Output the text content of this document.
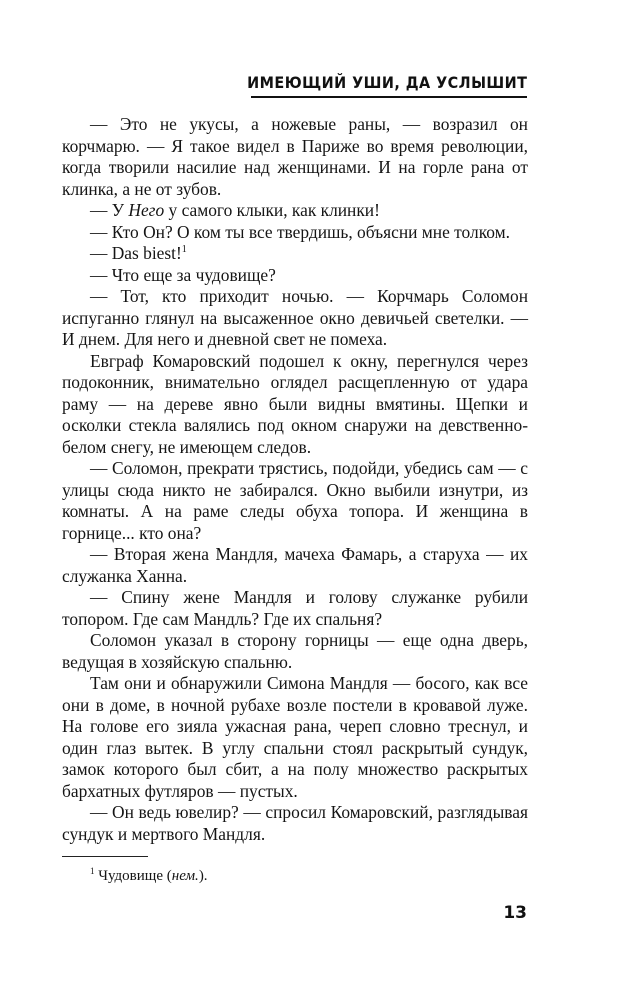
ИМЕЮЩИЙ УШИ, ДА УСЛЫШИТ

— Это не укусы, а ножевые раны, — возразил он корчмарю. — Я такое видел в Париже во время революции, когда творили насилие над женщинами. И на горле рана от клинка, а не от зубов.

— У Него у самого клыки, как клинки!

— Кто Он? О ком ты все твердишь, объясни мне толком.

— Das biest!$^1$

— Что еще за чудовище?

— Тот, кто приходит ночью. — Корчмарь Соломон испуганно глянул на высаженное окно девичьей светелки. — И днем. Для него и дневной свет не помеха.

Евграф Комаровский подошел к окну, перегнулся через подоконник, внимательно оглядел расщепленную от удара раму — на дереве явно были видны вмятины. Щепки и осколки стекла валялись под окном снаружи на девственно-белом снегу, не имеющем следов.

— Соломон, прекрати трястись, подойди, убедись сам — с улицы сюда никто не забирался. Окно выбили изнутри, из комнаты. А на раме следы обуха топора. И женщина в горнице... кто она?

— Вторая жена Мандля, мачеха Фамарь, а старуха — их служанка Ханна.

— Спину жене Мандля и голову служанке рубили топором. Где сам Мандль? Где их спальня?

Соломон указал в сторону горницы — еще одна дверь, ведущая в хозяйскую спальню.

Там они и обнаружили Симона Мандля — босого, как все они в доме, в ночной рубахе возле постели в кровавой луже. На голове его зияла ужасная рана, череп словно треснул, и один глаз вытек. В углу спальни стоял раскрытый сундук, замок которого был сбит, а на полу множество раскрытых бархатных футляров — пустых.

— Он ведь ювелир? — спросил Комаровский, разглядывая сундук и мертвого Мандля.

$^1$ Чудовище (нем.).
13
